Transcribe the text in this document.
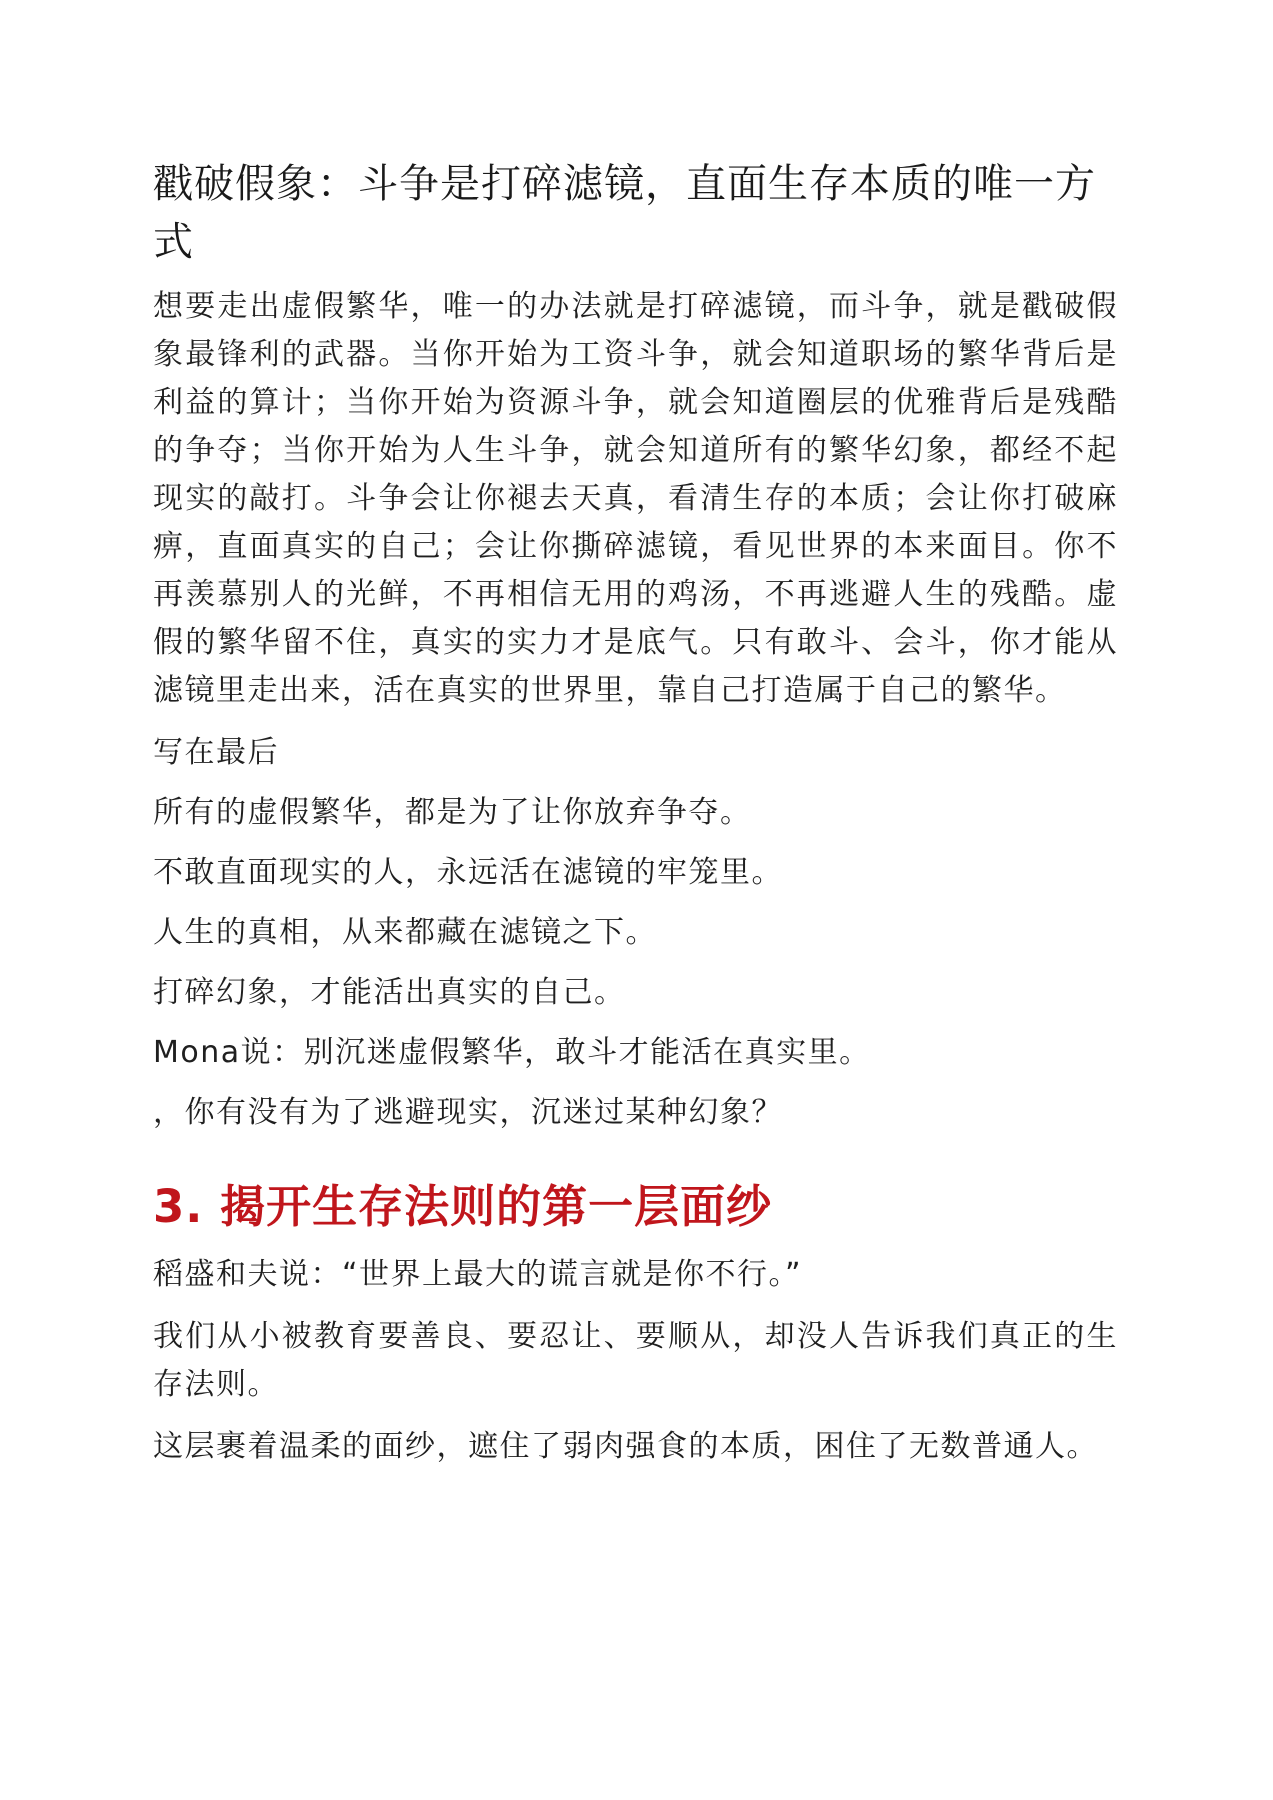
戳破假象：斗争是打碎滤镜，直面生存本质的唯一方式

想要走出虚假繁华，唯一的办法就是打碎滤镜，而斗争，就是戳破假象最锋利的武器。当你开始为工资斗争，就会知道职场的繁华背后是利益的算计；当你开始为资源斗争，就会知道圈层的优雅背后是残酷的争夺；当你开始为人生斗争，就会知道所有的繁华幻象，都经不起现实的敲打。斗争会让你褪去天真，看清生存的本质；会让你打破麻痹，直面真实的自己；会让你撕碎滤镜，看见世界的本来面目。你不再羡慕别人的光鲜，不再相信无用的鸡汤，不再逃避人生的残酷。虚假的繁华留不住，真实的实力才是底气。只有敢斗、会斗，你才能从滤镜里走出来，活在真实的世界里，靠自己打造属于自己的繁华。

写在最后

所有的虚假繁华，都是为了让你放弃争夺。

不敢直面现实的人，永远活在滤镜的牢笼里。

人生的真相，从来都藏在滤镜之下。

打碎幻象，才能活出真实的自己。

Mona说：别沉迷虚假繁华，敢斗才能活在真实里。

，你有没有为了逃避现实，沉迷过某种幻象？

3. 揭开生存法则的第一层面纱

稻盛和夫说：“世界上最大的谎言就是你不行。”

我们从小被教育要善良、要忍让、要顺从，却没人告诉我们真正的生存法则。

这层裹着温柔的面纱，遮住了弱肉强食的本质，困住了无数普通人。
